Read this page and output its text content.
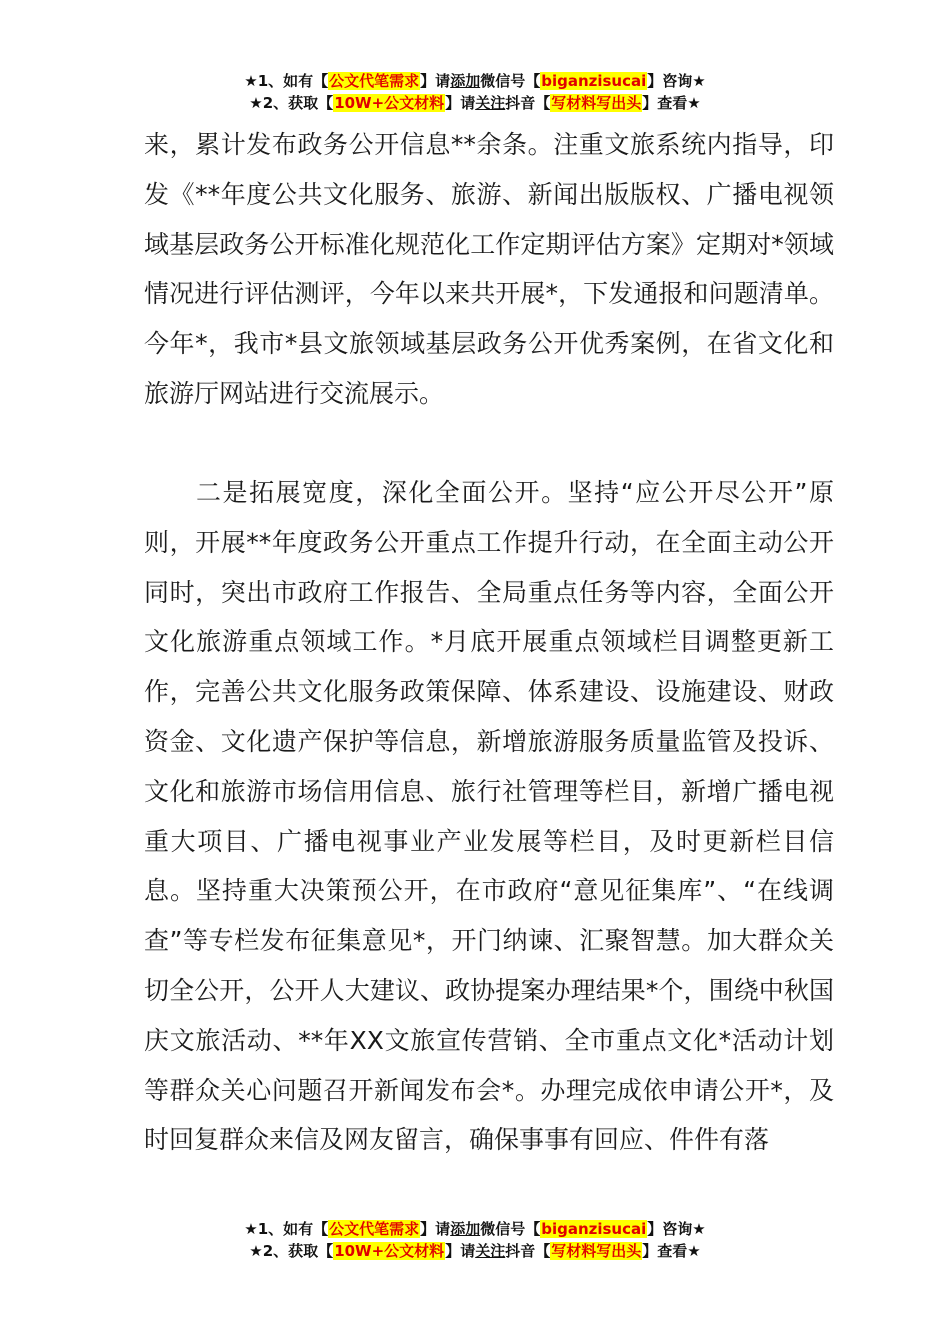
★1、如有【公文代笔需求】请添加微信号【biganzisucai】咨询★
★2、获取【10W+公文材料】请关注抖音【写材料写出头】查看★

来，累计发布政务公开信息**余条。注重文旅系统内指导，印发《**年度公共文化服务、旅游、新闻出版版权、广播电视领域基层政务公开标准化规范化工作定期评估方案》定期对*领域情况进行评估测评，今年以来共开展*，下发通报和问题清单。今年*，我市*县文旅领域基层政务公开优秀案例，在省文化和旅游厅网站进行交流展示。

二是拓展宽度，深化全面公开。坚持“应公开尽公开”原则，开展**年度政务公开重点工作提升行动，在全面主动公开同时，突出市政府工作报告、全局重点任务等内容，全面公开文化旅游重点领域工作。*月底开展重点领域栏目调整更新工作，完善公共文化服务政策保障、体系建设、设施建设、财政资金、文化遗产保护等信息，新增旅游服务质量监管及投诉、文化和旅游市场信用信息、旅行社管理等栏目，新增广播电视重大项目、广播电视事业产业发展等栏目，及时更新栏目信息。坚持重大决策预公开，在市政府“意见征集库”、“在线调查”等专栏发布征集意见*，开门纳谏、汇聚智慧。加大群众关切全公开，公开人大建议、政协提案办理结果*个，围绕中秋国庆文旅活动、**年XX文旅宣传营销、全市重点文化*活动计划等群众关心问题召开新闻发布会*。办理完成依申请公开*，及时回复群众来信及网友留言，确保事事有回应、件件有落

★1、如有【公文代笔需求】请添加微信号【biganzisucai】咨询★
★2、获取【10W+公文材料】请关注抖音【写材料写出头】查看★
